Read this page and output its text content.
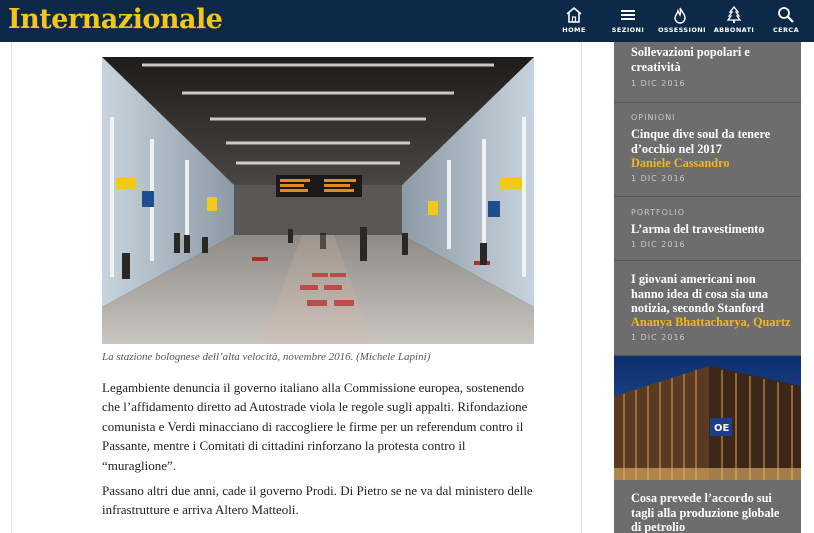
Internazionale	HOME	SEZIONI	OSSESSIONI ABBONATI	CERCA
La stazione bolognese dell’alta velocità, novembre 2016. (Michele Lapini)
Legambiente denuncia il governo italiano alla Commissione europea, sostenendo
che l’affidamento diretto ad Autostrade viola le regole sugli appalti. Rifondazione
comunista e Verdi minacciano di raccogliere le firme per un referendum contro il
Passante, mentre i Comitati di cittadini rinforzano la protesta contro il
“muraglione”.
Passano altri due anni, cade il governo Prodi. Di Pietro se ne va dal ministero delle
infrastrutture e arriva Altero Matteoli.
Sollevazioni popolari e
creatività
1 DIC 2016
OPINIONI
Cinque dive soul da tenere
d’occhio nel 2017
Daniele Cassandro
1 DIC 2016
PORTFOLIO
L’arma del travestimento
1 DIC 2016
I giovani americani non
hanno idea di cosa sia una
notizia, secondo Stanford
Ananya Bhattacharya, Quartz
1 DIC 2016
OE
Cosa prevede l’accordo sui
tagli alla produzione globale
di petrolio
